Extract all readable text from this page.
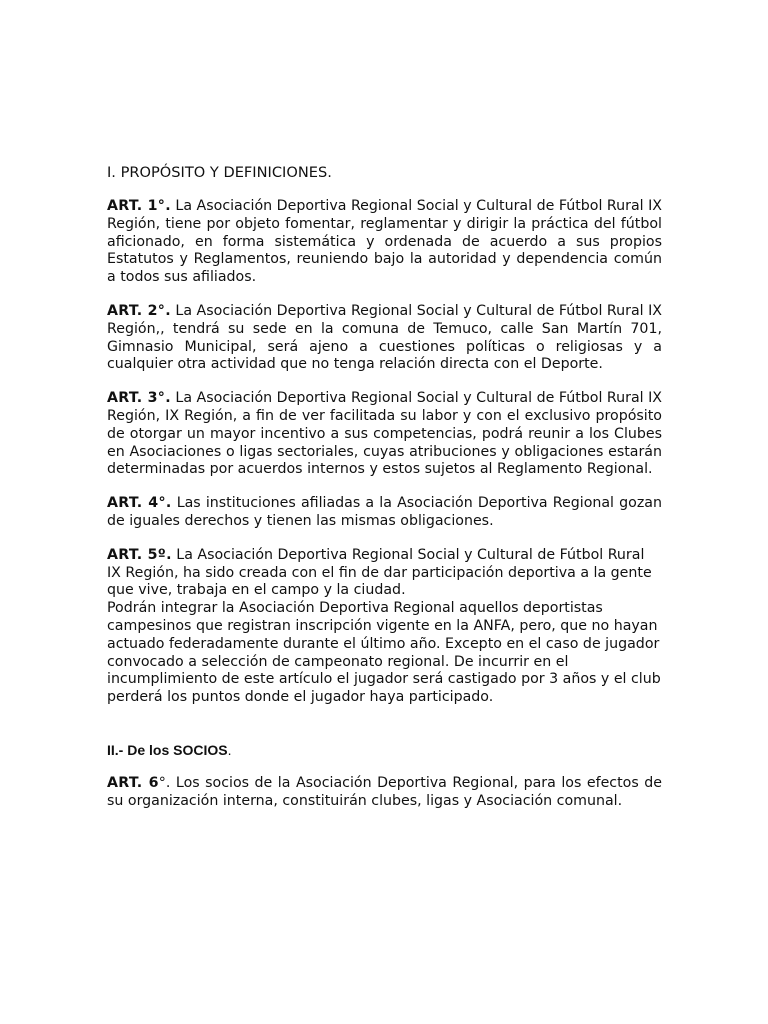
I. PROPÓSITO Y DEFINICIONES.
ART. 1°. La Asociación Deportiva Regional Social y Cultural de Fútbol Rural IX Región, tiene por objeto fomentar, reglamentar y dirigir la práctica del fútbol aficionado, en forma sistemática y ordenada de acuerdo a sus propios Estatutos y Reglamentos, reuniendo bajo la autoridad y dependencia común a todos sus afiliados.
ART. 2°. La Asociación Deportiva Regional Social y Cultural de Fútbol Rural IX Región,, tendrá su sede en la comuna de Temuco, calle San Martín 701, Gimnasio Municipal, será ajeno a cuestiones políticas o religiosas y a cualquier otra actividad que no tenga relación directa con el Deporte.
ART. 3°. La Asociación Deportiva Regional Social y Cultural de Fútbol Rural IX Región, IX Región, a fin de ver facilitada su labor y con el exclusivo propósito de otorgar un mayor incentivo a sus competencias, podrá reunir a los Clubes en Asociaciones o ligas sectoriales, cuyas atribuciones y obligaciones estarán determinadas por acuerdos internos y estos sujetos al Reglamento Regional.
ART. 4°. Las instituciones afiliadas a la Asociación Deportiva Regional gozan de iguales derechos y tienen las mismas obligaciones.

ART. 5º. La Asociación Deportiva Regional Social y Cultural de Fútbol Rural IX Región, ha sido creada con el fin de dar participación deportiva a la gente que vive, trabaja en el campo y la ciudad.

Podrán integrar la Asociación Deportiva Regional aquellos deportistas campesinos que registran inscripción vigente en la ANFA, pero, que no hayan actuado federadamente durante el último año. Excepto en el caso de jugador convocado a selección de campeonato regional. De incurrir en el incumplimiento de este artículo el jugador será castigado por 3 años y el club perderá los puntos donde el jugador haya participado.

II.- De los SOCIOS.
ART. 6°. Los socios de la Asociación Deportiva Regional, para los efectos de su organización interna, constituirán clubes, ligas y Asociación comunal.
